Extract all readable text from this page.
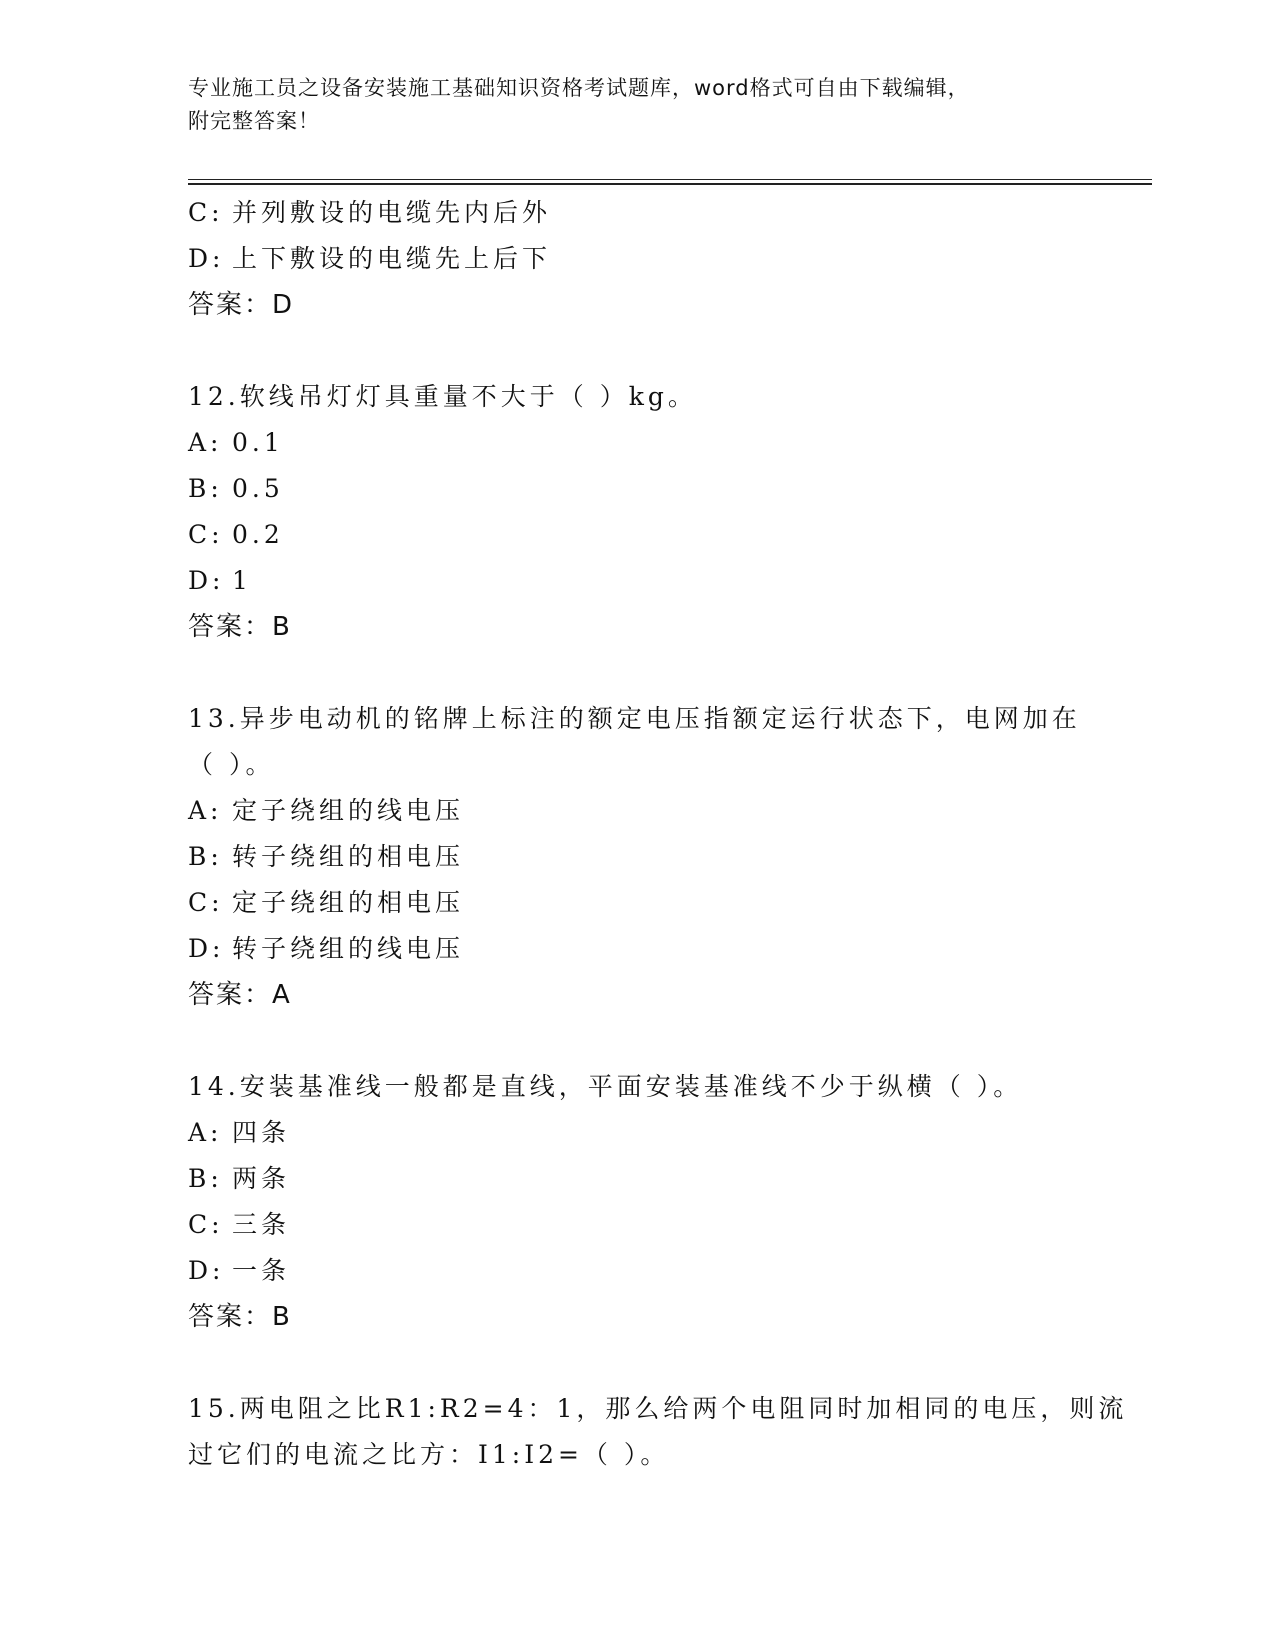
专业施工员之设备安装施工基础知识资格考试题库，word格式可自由下载编辑，
附完整答案！
C: 并列敷设的电缆先内后外
D: 上下敷设的电缆先上后下
答案：D
12.软线吊灯灯具重量不大于（ ）kg。
A: 0.1
B: 0.5
C: 0.2
D: 1
答案：B
13.异步电动机的铭牌上标注的额定电压指额定运行状态下，电网加在
（ ）。
A: 定子绕组的线电压
B: 转子绕组的相电压
C: 定子绕组的相电压
D: 转子绕组的线电压
答案：A
14.安装基准线一般都是直线，平面安装基准线不少于纵横（ ）。
A: 四条
B: 两条
C: 三条
D: 一条
答案：B
15.两电阻之比R1:R2=4：1，那么给两个电阻同时加相同的电压，则流
过它们的电流之比方：I1:I2=（ ）。
